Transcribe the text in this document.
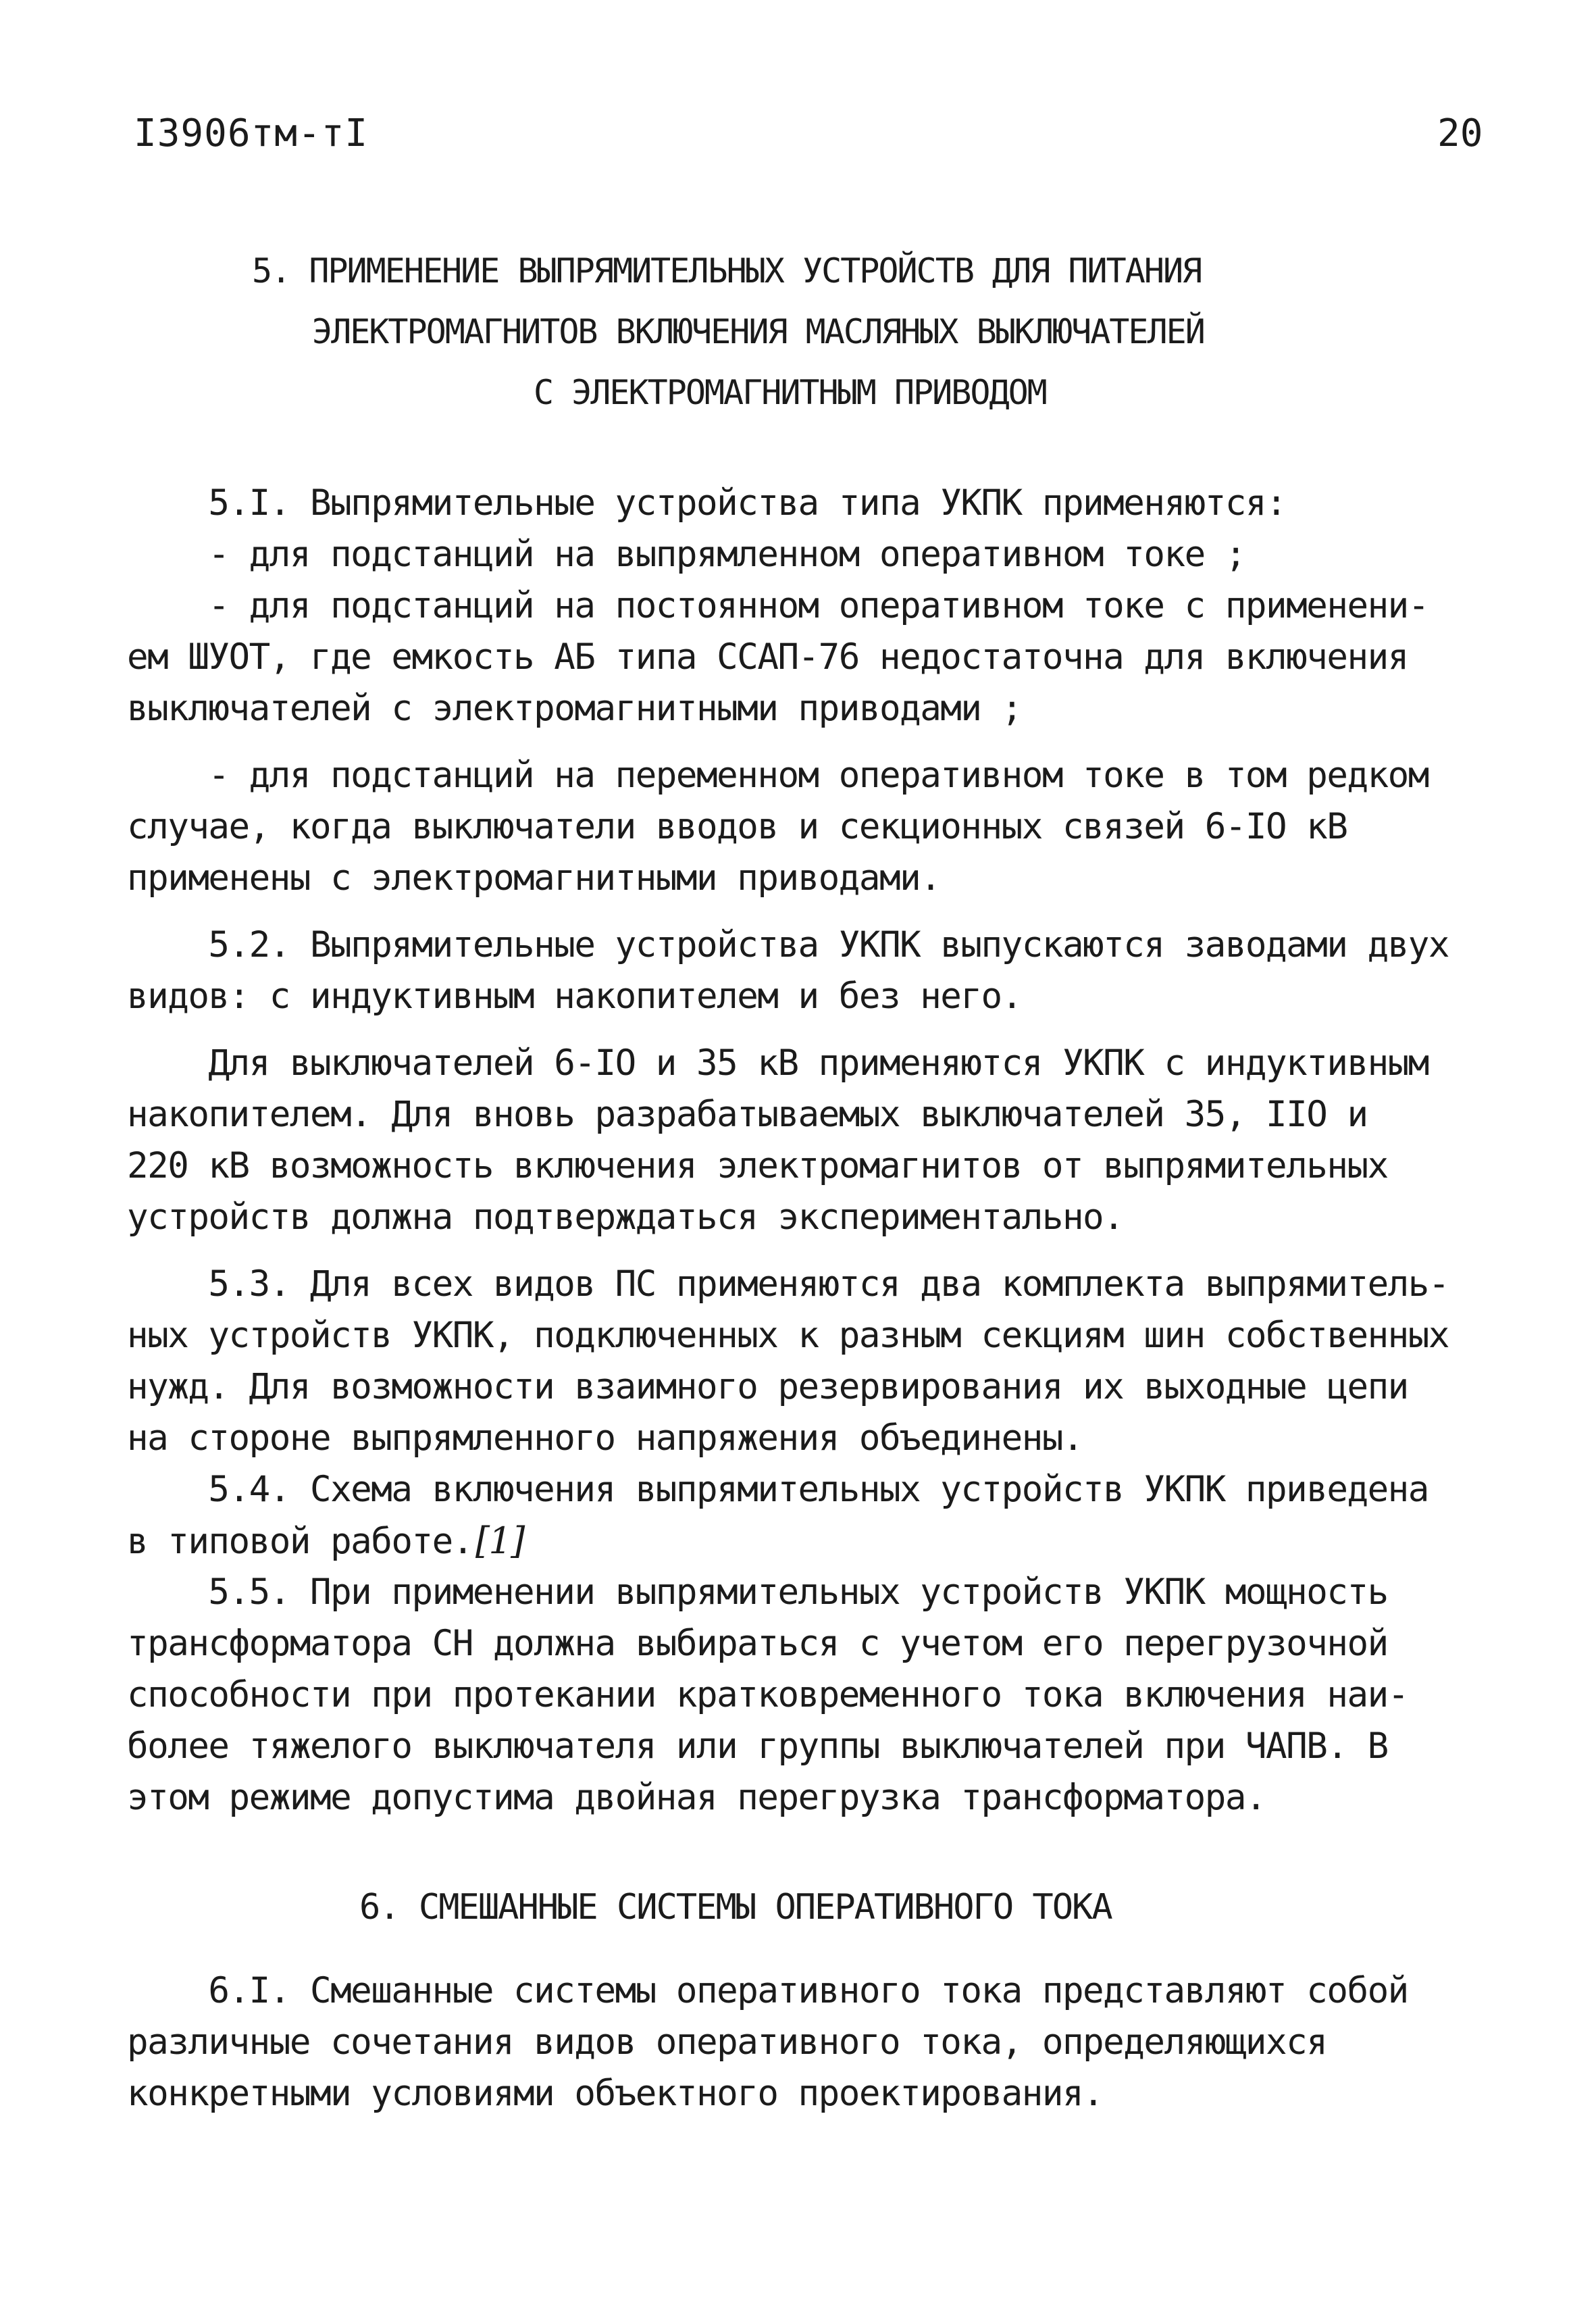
I3906тм-тI	20
5. ПРИМЕНЕНИЕ ВЫПРЯМИТЕЛЬНЫХ УСТРОЙСТВ ДЛЯ ПИТАНИЯ
ЭЛЕКТРОМАГНИТОВ ВКЛЮЧЕНИЯ МАСЛЯНЫХ ВЫКЛЮЧАТЕЛЕЙ
С ЭЛЕКТРОМАГНИТНЫМ ПРИВОДОМ
5.I. Выпрямительные устройства типа УКПК применяются:
- для подстанций на выпрямленном оперативном токе ;
- для подстанций на постоянном оперативном токе с применени-
ем ШУОТ, где емкость АБ типа ССАП-76 недостаточна для включения
выключателей с электромагнитными приводами ;
- для подстанций на переменном оперативном токе в том редком
случае, когда выключатели вводов и секционных связей 6-IO кВ
применены с электромагнитными приводами.
5.2. Выпрямительные устройства УКПК выпускаются заводами двух
видов: с индуктивным накопителем и без него.
Для выключателей 6-IO и 35 кВ применяются УКПК с индуктивным
накопителем. Для вновь разрабатываемых выключателей 35, IIO и
220 кВ возможность включения электромагнитов от выпрямительных
устройств должна подтверждаться экспериментально.
5.3. Для всех видов ПС применяются два комплекта выпрямитель-
ных устройств УКПК, подключенных к разным секциям шин собственных
нужд. Для возможности взаимного резервирования их выходные цепи
на стороне выпрямленного напряжения объединены.
5.4. Схема включения выпрямительных устройств УКПК приведена
в типовой работе.[1]
5.5. При применении выпрямительных устройств УКПК мощность
трансформатора СН должна выбираться с учетом его перегрузочной
способности при протекании кратковременного тока включения наи-
более тяжелого выключателя или группы выключателей при ЧАПВ. В
этом режиме допустима двойная перегрузка трансформатора.
6. СМЕШАННЫЕ СИСТЕМЫ ОПЕРАТИВНОГО ТОКА
6.I. Смешанные системы оперативного тока представляют собой
различные сочетания видов оперативного тока, определяющихся
конкретными условиями объектного проектирования.
